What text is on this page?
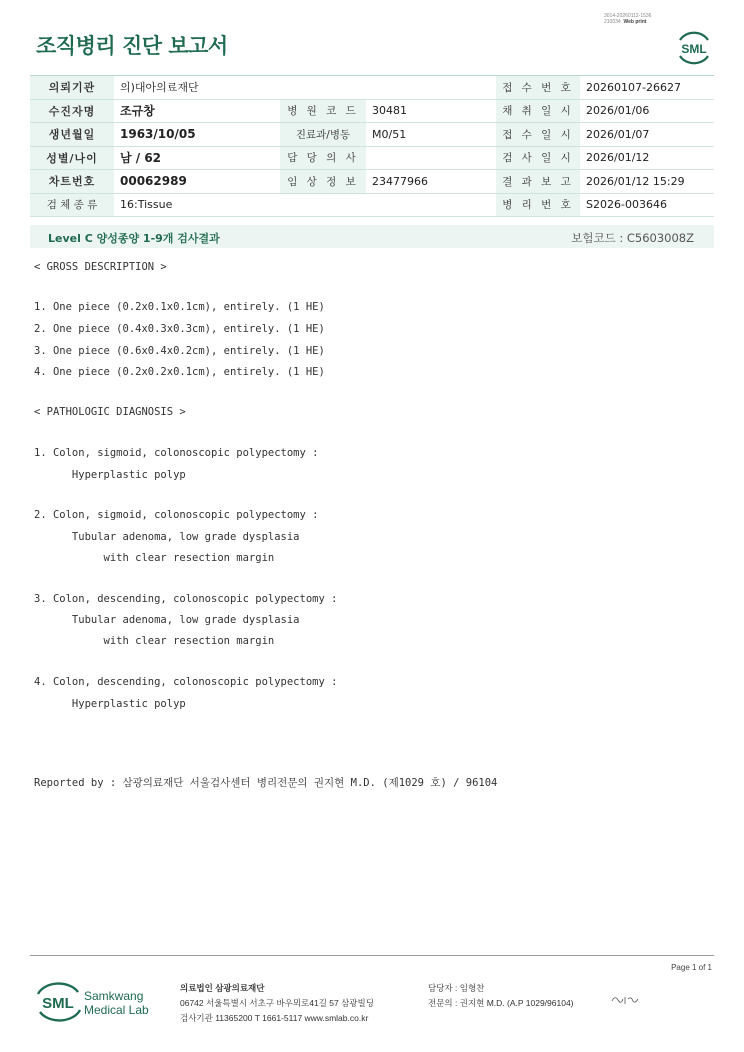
3014-20260112-1536
210034 Web print
조직병리 진단 보고서	SML
의뢰기관	의)대아의료재단			접 수 번 호	20260107-26627
수진자명	조규창	병 원 코 드	30481	채 취 일 시	2026/01/06
생년월일	1963/10/05	진료과/병동	M0/51	접 수 일 시	2026/01/07
성별/나이	남 / 62	담 당 의 사		검 사 일 시	2026/01/12
차트번호	00062989	임 상 정 보	23477966	결 과 보 고	2026/01/12 15:29
검 체 종 류	16:Tissue			병 리 번 호	S2026-003646
Level C 양성종양 1-9개 검사결과	보험코드 : C5603008Z
< GROSS DESCRIPTION >
1. One piece (0.2x0.1x0.1cm), entirely. (1 HE)
2. One piece (0.4x0.3x0.3cm), entirely. (1 HE)
3. One piece (0.6x0.4x0.2cm), entirely. (1 HE)
4. One piece (0.2x0.2x0.1cm), entirely. (1 HE)
< PATHOLOGIC DIAGNOSIS >
1. Colon, sigmoid, colonoscopic polypectomy :
Hyperplastic polyp
2. Colon, sigmoid, colonoscopic polypectomy :
Tubular adenoma, low grade dysplasia
with clear resection margin
3. Colon, descending, colonoscopic polypectomy :
Tubular adenoma, low grade dysplasia
with clear resection margin
4. Colon, descending, colonoscopic polypectomy :
Hyperplastic polyp
Reported by : 삼광의료재단 서울검사센터 병리전문의 권지현 M.D. (제1029 호) / 96104
Page 1 of 1
SML Samkwang
Medical Lab
의료법인 삼광의료재단
06742 서울특별시 서초구 바우뫼로41길 57 삼광빌딩
검사기관 11365200 T 1661-5117 www.smlab.co.kr
담당자 : 임형찬
전문의 : 권지현 M.D. (A.P 1029/96104)
